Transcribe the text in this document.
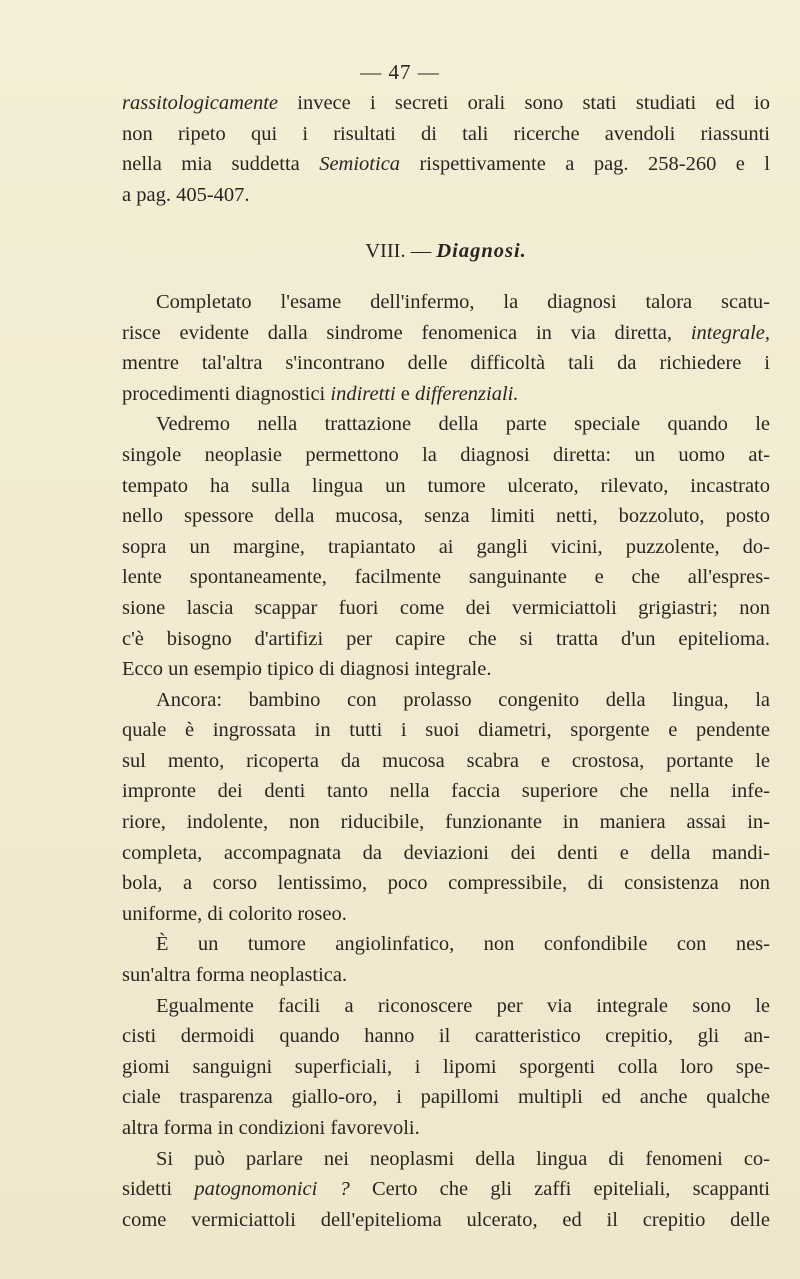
— 47 —
rassitologicamente invece i secreti orali sono stati studiati ed io
non ripeto qui i risultati di tali ricerche avendoli riassunti
nella mia suddetta Semiotica rispettivamente a pag. 258-260 e l
a pag. 405-407.
VIII. — Diagnosi.
Completato l'esame dell'infermo, la diagnosi talora scatu-
risce evidente dalla sindrome fenomenica in via diretta, integrale,
mentre tal'altra s'incontrano delle difficoltà tali da richiedere i
procedimenti diagnostici indiretti e differenziali.
Vedremo nella trattazione della parte speciale quando le
singole neoplasie permettono la diagnosi diretta: un uomo at-
tempato ha sulla lingua un tumore ulcerato, rilevato, incastrato
nello spessore della mucosa, senza limiti netti, bozzoluto, posto
sopra un margine, trapiantato ai gangli vicini, puzzolente, do-
lente spontaneamente, facilmente sanguinante e che all'espres-
sione lascia scappar fuori come dei vermiciattoli grigiastri; non
c'è bisogno d'artifizi per capire che si tratta d'un epitelioma.
Ecco un esempio tipico di diagnosi integrale.
Ancora: bambino con prolasso congenito della lingua, la
quale è ingrossata in tutti i suoi diametri, sporgente e pendente
sul mento, ricoperta da mucosa scabra e crostosa, portante le
impronte dei denti tanto nella faccia superiore che nella infe-
riore, indolente, non riducibile, funzionante in maniera assai in-
completa, accompagnata da deviazioni dei denti e della mandi-
bola, a corso lentissimo, poco compressibile, di consistenza non
uniforme, di colorito roseo.
È un tumore angiolinfatico, non confondibile con nes-
sun'altra forma neoplastica.
Egualmente facili a riconoscere per via integrale sono le
cisti dermoidi quando hanno il caratteristico crepitio, gli an-
giomi sanguigni superficiali, i lipomi sporgenti colla loro spe-
ciale trasparenza giallo-oro, i papillomi multipli ed anche qualche
altra forma in condizioni favorevoli.
Si può parlare nei neoplasmi della lingua di fenomeni co-
sidetti patognomonici ? Certo che gli zaffi epiteliali, scappanti
come vermiciattoli dell'epitelioma ulcerato, ed il crepitio delle
